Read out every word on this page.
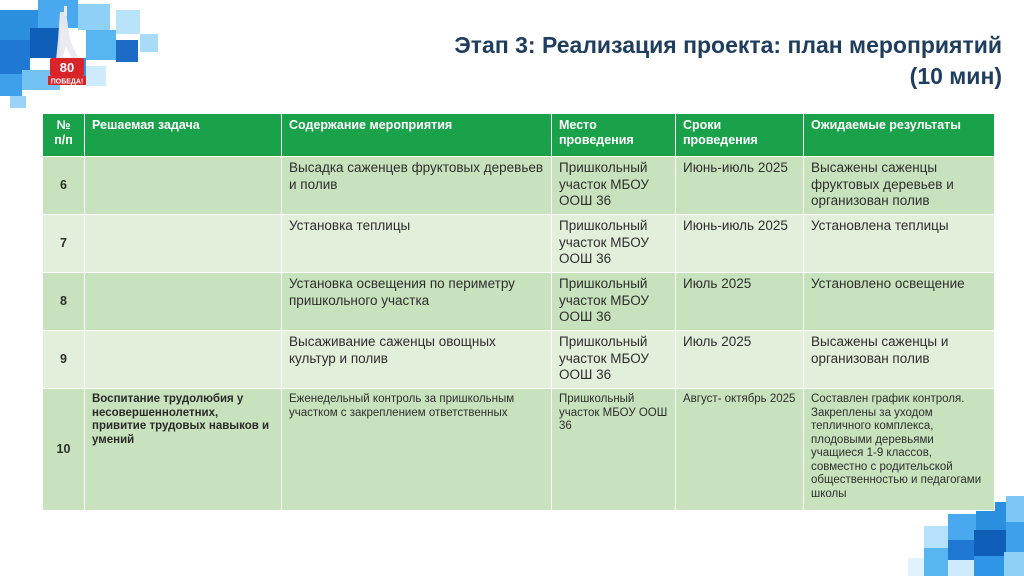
80
ПОБЕДА!
Этап 3: Реализация проекта: план мероприятий
(10 мин)
№ п/п	Решаемая задача	Содержание мероприятия	Место проведения	Сроки проведения	Ожидаемые результаты
6		Высадка саженцев фруктовых деревьев и полив	Пришкольный участок МБОУ ООШ 36	Июнь-июль 2025	Высажены саженцы фруктовых деревьев и организован полив
7		Установка теплицы	Пришкольный участок МБОУ ООШ 36	Июнь-июль 2025	Установлена теплицы
8		Установка освещения по периметру пришкольного участка	Пришкольный участок МБОУ ООШ 36	Июль 2025	Установлено освещение
9		Высаживание саженцы овощных культур и полив	Пришкольный участок МБОУ ООШ 36	Июль 2025	Высажены саженцы и организован полив
10	Воспитание трудолюбия у несовершеннолетних, привитие трудовых навыков и умений	Еженедельный контроль за пришкольным участком с закреплением ответственных	Пришкольный участок МБОУ ООШ 36	Август- октябрь 2025	Составлен график контроля. Закреплены за уходом тепличного комплекса, плодовыми деревьями учащиеся 1-9 классов, совместно с родительской общественностью и педагогами школы
